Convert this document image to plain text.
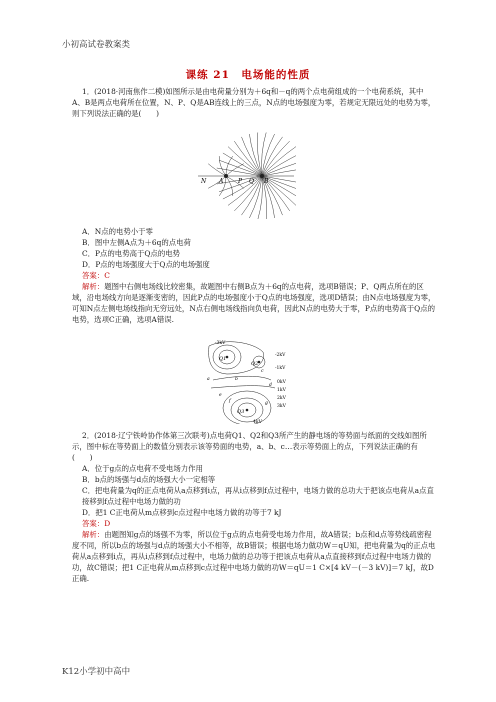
小初高试卷教案类
课练 21　电场能的性质

1．(2018·河南焦作二模)如图所示是由电荷量分别为＋6q和－q的两个点电荷组成的一个电荷系统，其中A、B是两点电荷所在位置，N、P、Q是AB连线上的三点，N点的电场强度为零，若规定无限远处的电势为零，则下列说法正确的是(　　)

A	B
N	P Q

A．N点的电势小于零

B．图中左侧A点为＋6q的点电荷

C．P点的电势高于Q点的电势

D．P点的电场强度大于Q点的电场强度

答案：C

解析：题图中右侧电场线比较密集，故题图中右侧B点为＋6q的点电荷，选项B错误；P、Q两点所在的区域，沿电场线方向是逐渐变密的，因此P点的电场强度小于Q点的电场强度，选项D错误；由N点电场强度为零，可知N点左侧电场线指向无穷远处，N点右侧电场线指向负电荷，因此N点的电势大于零，P点的电势高于Q点的电势，选项C正确，选项A错误.

Q1
Q2
Q3
-3kV
-2kV
-1kV
0kV
1kV
2kV
3kV
4kV
a	b
c
d
e
f	g

2．(2018·辽宁铁岭协作体第三次联考)点电荷Q1、Q2和Q3所产生的静电场的等势面与纸面的交线如图所示，图中标在等势面上的数值分别表示该等势面的电势，a、b、c…表示等势面上的点，下列说法正确的有(　　)

A．位于g点的点电荷不受电场力作用

B．b点的场强与d点的场强大小一定相等

C．把电荷量为q的正点电荷从a点移到i点，再从i点移到f点过程中，电场力做的总功大于把该点电荷从a点直接移到f点过程中电场力做的功

D．把1 C正电荷从m点移到c点过程中电场力做的功等于7 kJ

答案：D

解析：由题图知g点的场强不为零，所以位于g点的点电荷受电场力作用，故A错误；b点和d点等势线疏密程度不同，所以b点的场强与d点的场强大小不相等，故B错误；根据电场力做功W＝qU知，把电荷量为q的正点电荷从a点移到i点，再从i点移到f点过程中，电场力做的总功等于把该点电荷从a点直接移到f点过程中电场力做的功，故C错误；把1 C正电荷从m点移到c点过程中电场力做的功W＝qU＝1 C×[4 kV－(－3 kV)]＝7 kJ，故D正确.

K12小学初中高中
